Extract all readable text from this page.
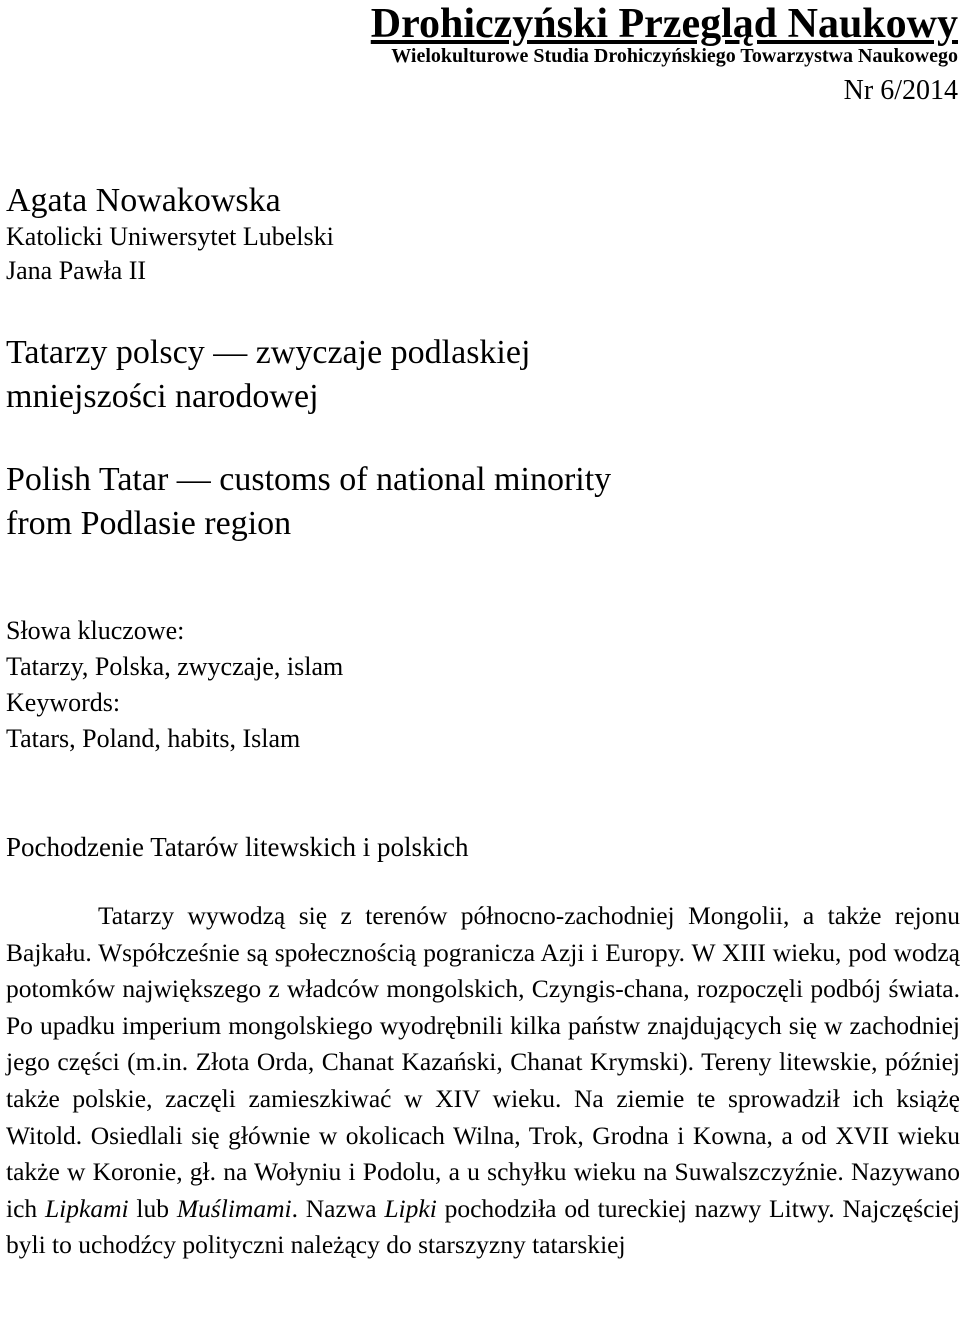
Drohiczyński Przegląd Naukowy
Wielokulturowe Studia Drohiczyńskiego Towarzystwa Naukowego
Nr 6/2014
Agata Nowakowska
Katolicki Uniwersytet Lubelski
Jana Pawła II
Tatarzy polscy — zwyczaje podlaskiej
mniejszości narodowej
Polish Tatar — customs of national minority
from Podlasie region
Słowa kluczowe:
Tatarzy, Polska, zwyczaje, islam
Keywords:
Tatars, Poland, habits, Islam
Pochodzenie Tatarów litewskich i polskich
Tatarzy wywodzą się z terenów północno-zachodniej Mongolii, a także rejonu Bajkału. Współcześnie są społecznością pogranicza Azji i Europy. W XIII wieku, pod wodzą potomków największego z władców mongolskich, Czyngis-chana, rozpoczęli podbój świata. Po upadku imperium mongolskiego wyodrębnili kilka państw znajdujących się w zachodniej jego części (m.in. Złota Orda, Chanat Kazański, Chanat Krymski). Tereny litewskie, później także polskie, zaczęli zamieszkiwać w XIV wieku. Na ziemie te sprowadził ich książę Witold. Osiedlali się głównie w okolicach Wilna, Trok, Grodna i Kowna, a od XVII wieku także w Koronie, gł. na Wołyniu i Podolu, a u schyłku wieku na Suwalszczyźnie. Nazywano ich Lipkami lub Muślimami. Nazwa Lipki pochodziła od tureckiej nazwy Litwy. Najczęściej byli to uchodźcy polityczni należący do starszyzny tatarskiej
